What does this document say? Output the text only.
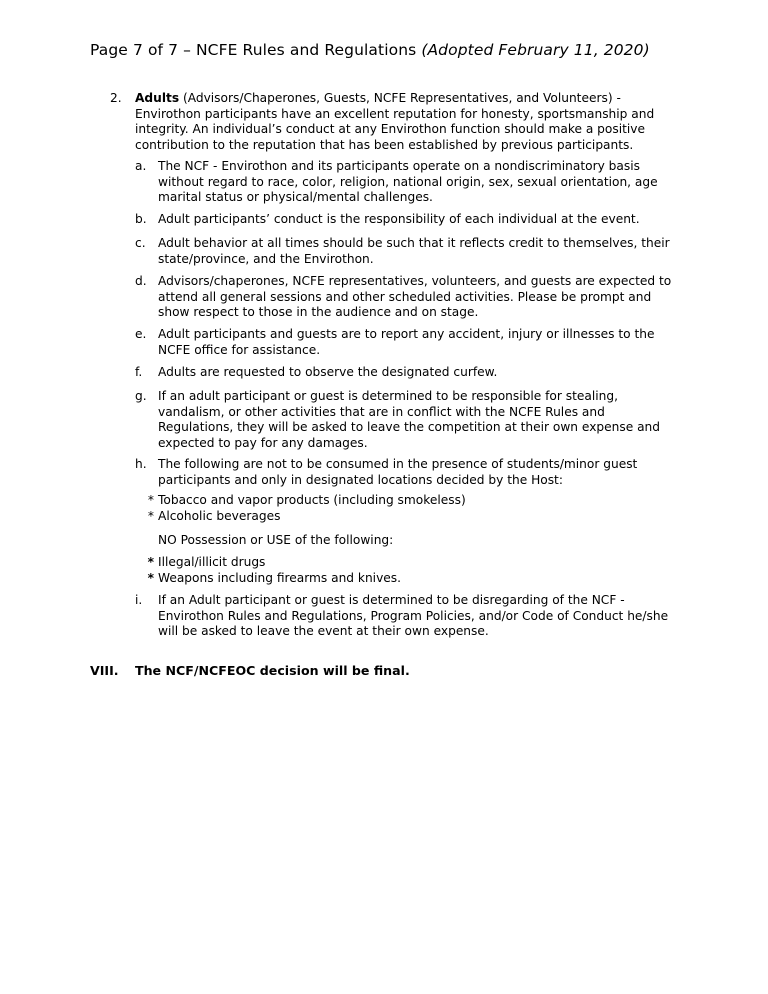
Page 7 of 7 – NCFE Rules and Regulations (Adopted February 11, 2020)
2. Adults (Advisors/Chaperones, Guests, NCFE Representatives, and Volunteers) - Envirothon participants have an excellent reputation for honesty, sportsmanship and integrity. An individual’s conduct at any Envirothon function should make a positive contribution to the reputation that has been established by previous participants.
a. The NCF - Envirothon and its participants operate on a nondiscriminatory basis without regard to race, color, religion, national origin, sex, sexual orientation, age marital status or physical/mental challenges.
b. Adult participants’ conduct is the responsibility of each individual at the event.
c.	Adult behavior at all times should be such that it reflects credit to themselves, their state/province, and the Envirothon.
d. Advisors/chaperones, NCFE representatives, volunteers, and guests are expected to attend all general sessions and other scheduled activities. Please be prompt and show respect to those in the audience and on stage.
e. Adult participants and guests are to report any accident, injury or illnesses to the NCFE office for assistance.
f.	Adults are requested to observe the designated curfew.
g. If an adult participant or guest is determined to be responsible for stealing, vandalism, or other activities that are in conflict with the NCFE Rules and Regulations, they will be asked to leave the competition at their own expense and expected to pay for any damages.
h. The following are not to be consumed in the presence of students/minor guest participants and only in designated locations decided by the Host:
* Tobacco and vapor products (including smokeless)
* Alcoholic beverages
NO Possession or USE of the following:
* Illegal/illicit drugs
* Weapons including firearms and knives.
i.	If an Adult participant or guest is determined to be disregarding of the NCF - Envirothon Rules and Regulations, Program Policies, and/or Code of Conduct he/she will be asked to leave the event at their own expense.
VIII. The NCF/NCFEOC decision will be final.
